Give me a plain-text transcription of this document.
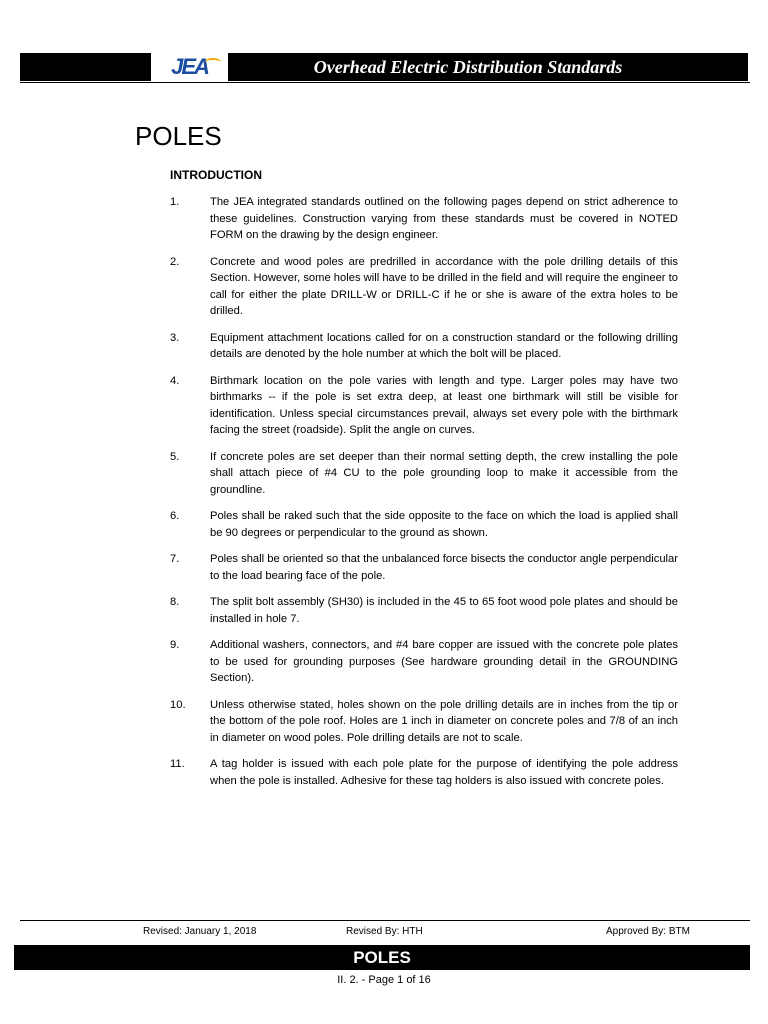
JEA	Overhead Electric Distribution Standards
POLES
INTRODUCTION
1.	The JEA integrated standards outlined on the following pages depend on strict adherence to these guidelines. Construction varying from these standards must be covered in NOTED FORM on the drawing by the design engineer.
2.	Concrete and wood poles are predrilled in accordance with the pole drilling details of this Section. However, some holes will have to be drilled in the field and will require the engineer to call for either the plate DRILL-W or DRILL-C if he or she is aware of the extra holes to be drilled.
3.	Equipment attachment locations called for on a construction standard or the following drilling details are denoted by the hole number at which the bolt will be placed.
4.	Birthmark location on the pole varies with length and type. Larger poles may have two birthmarks -- if the pole is set extra deep, at least one birthmark will still be visible for identification. Unless special circumstances prevail, always set every pole with the birthmark facing the street (roadside). Split the angle on curves.
5.	If concrete poles are set deeper than their normal setting depth, the crew installing the pole shall attach piece of #4 CU to the pole grounding loop to make it accessible from the groundline.
6.	Poles shall be raked such that the side opposite to the face on which the load is applied shall be 90 degrees or perpendicular to the ground as shown.
7.	Poles shall be oriented so that the unbalanced force bisects the conductor angle perpendicular to the load bearing face of the pole.
8.	The split bolt assembly (SH30) is included in the 45 to 65 foot wood pole plates and should be installed in hole 7.
9.	Additional washers, connectors, and #4 bare copper are issued with the concrete pole plates to be used for grounding purposes (See hardware grounding detail in the GROUNDING Section).
10.	Unless otherwise stated, holes shown on the pole drilling details are in inches from the tip or the bottom of the pole roof. Holes are 1 inch in diameter on concrete poles and 7/8 of an inch in diameter on wood poles. Pole drilling details are not to scale.
11.	A tag holder is issued with each pole plate for the purpose of identifying the pole address when the pole is installed. Adhesive for these tag holders is also issued with concrete poles.
Revised: January 1, 2018	Revised By: HTH	Approved By: BTM
POLES
II. 2. - Page 1 of 16
